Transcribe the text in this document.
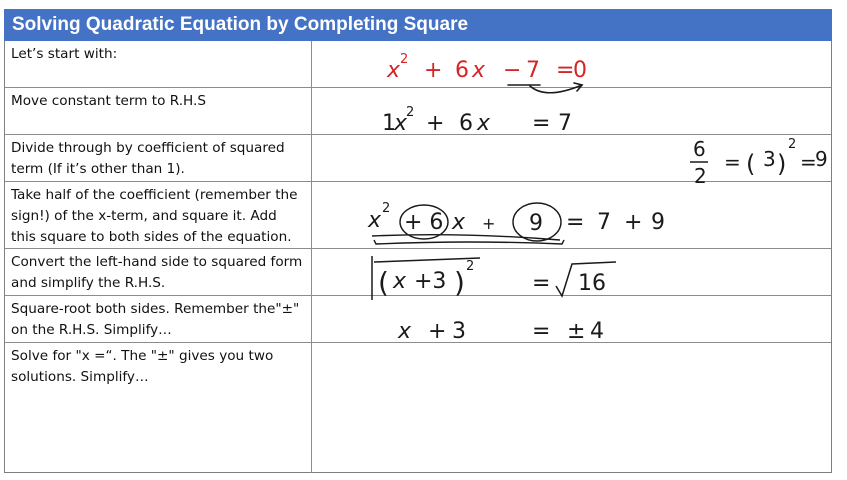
Solving Quadratic Equation by Completing Square
Let’s start with:
Move constant term to R.H.S
Divide through by coefficient of squared term (If it’s other than 1).
Take half of the coefficient (remember the sign!) of the x-term, and square it. Add this square to both sides of the equation.
Convert the left-hand side to squared form and simplify the R.H.S.
Square-root both sides. Remember the"±" on the R.H.S. Simplify…
Solve for "x =“. The "±" gives you two solutions. Simplify…
x 2 + 6 x − 7 =
0
1
x
2 + 6 x = 7
6
2
= ( 3 )
2
=
9
x 2
+ 6 x + 9 = 7 + 9
( x +3 ) 2
= 16
x + 3	= ± 4
